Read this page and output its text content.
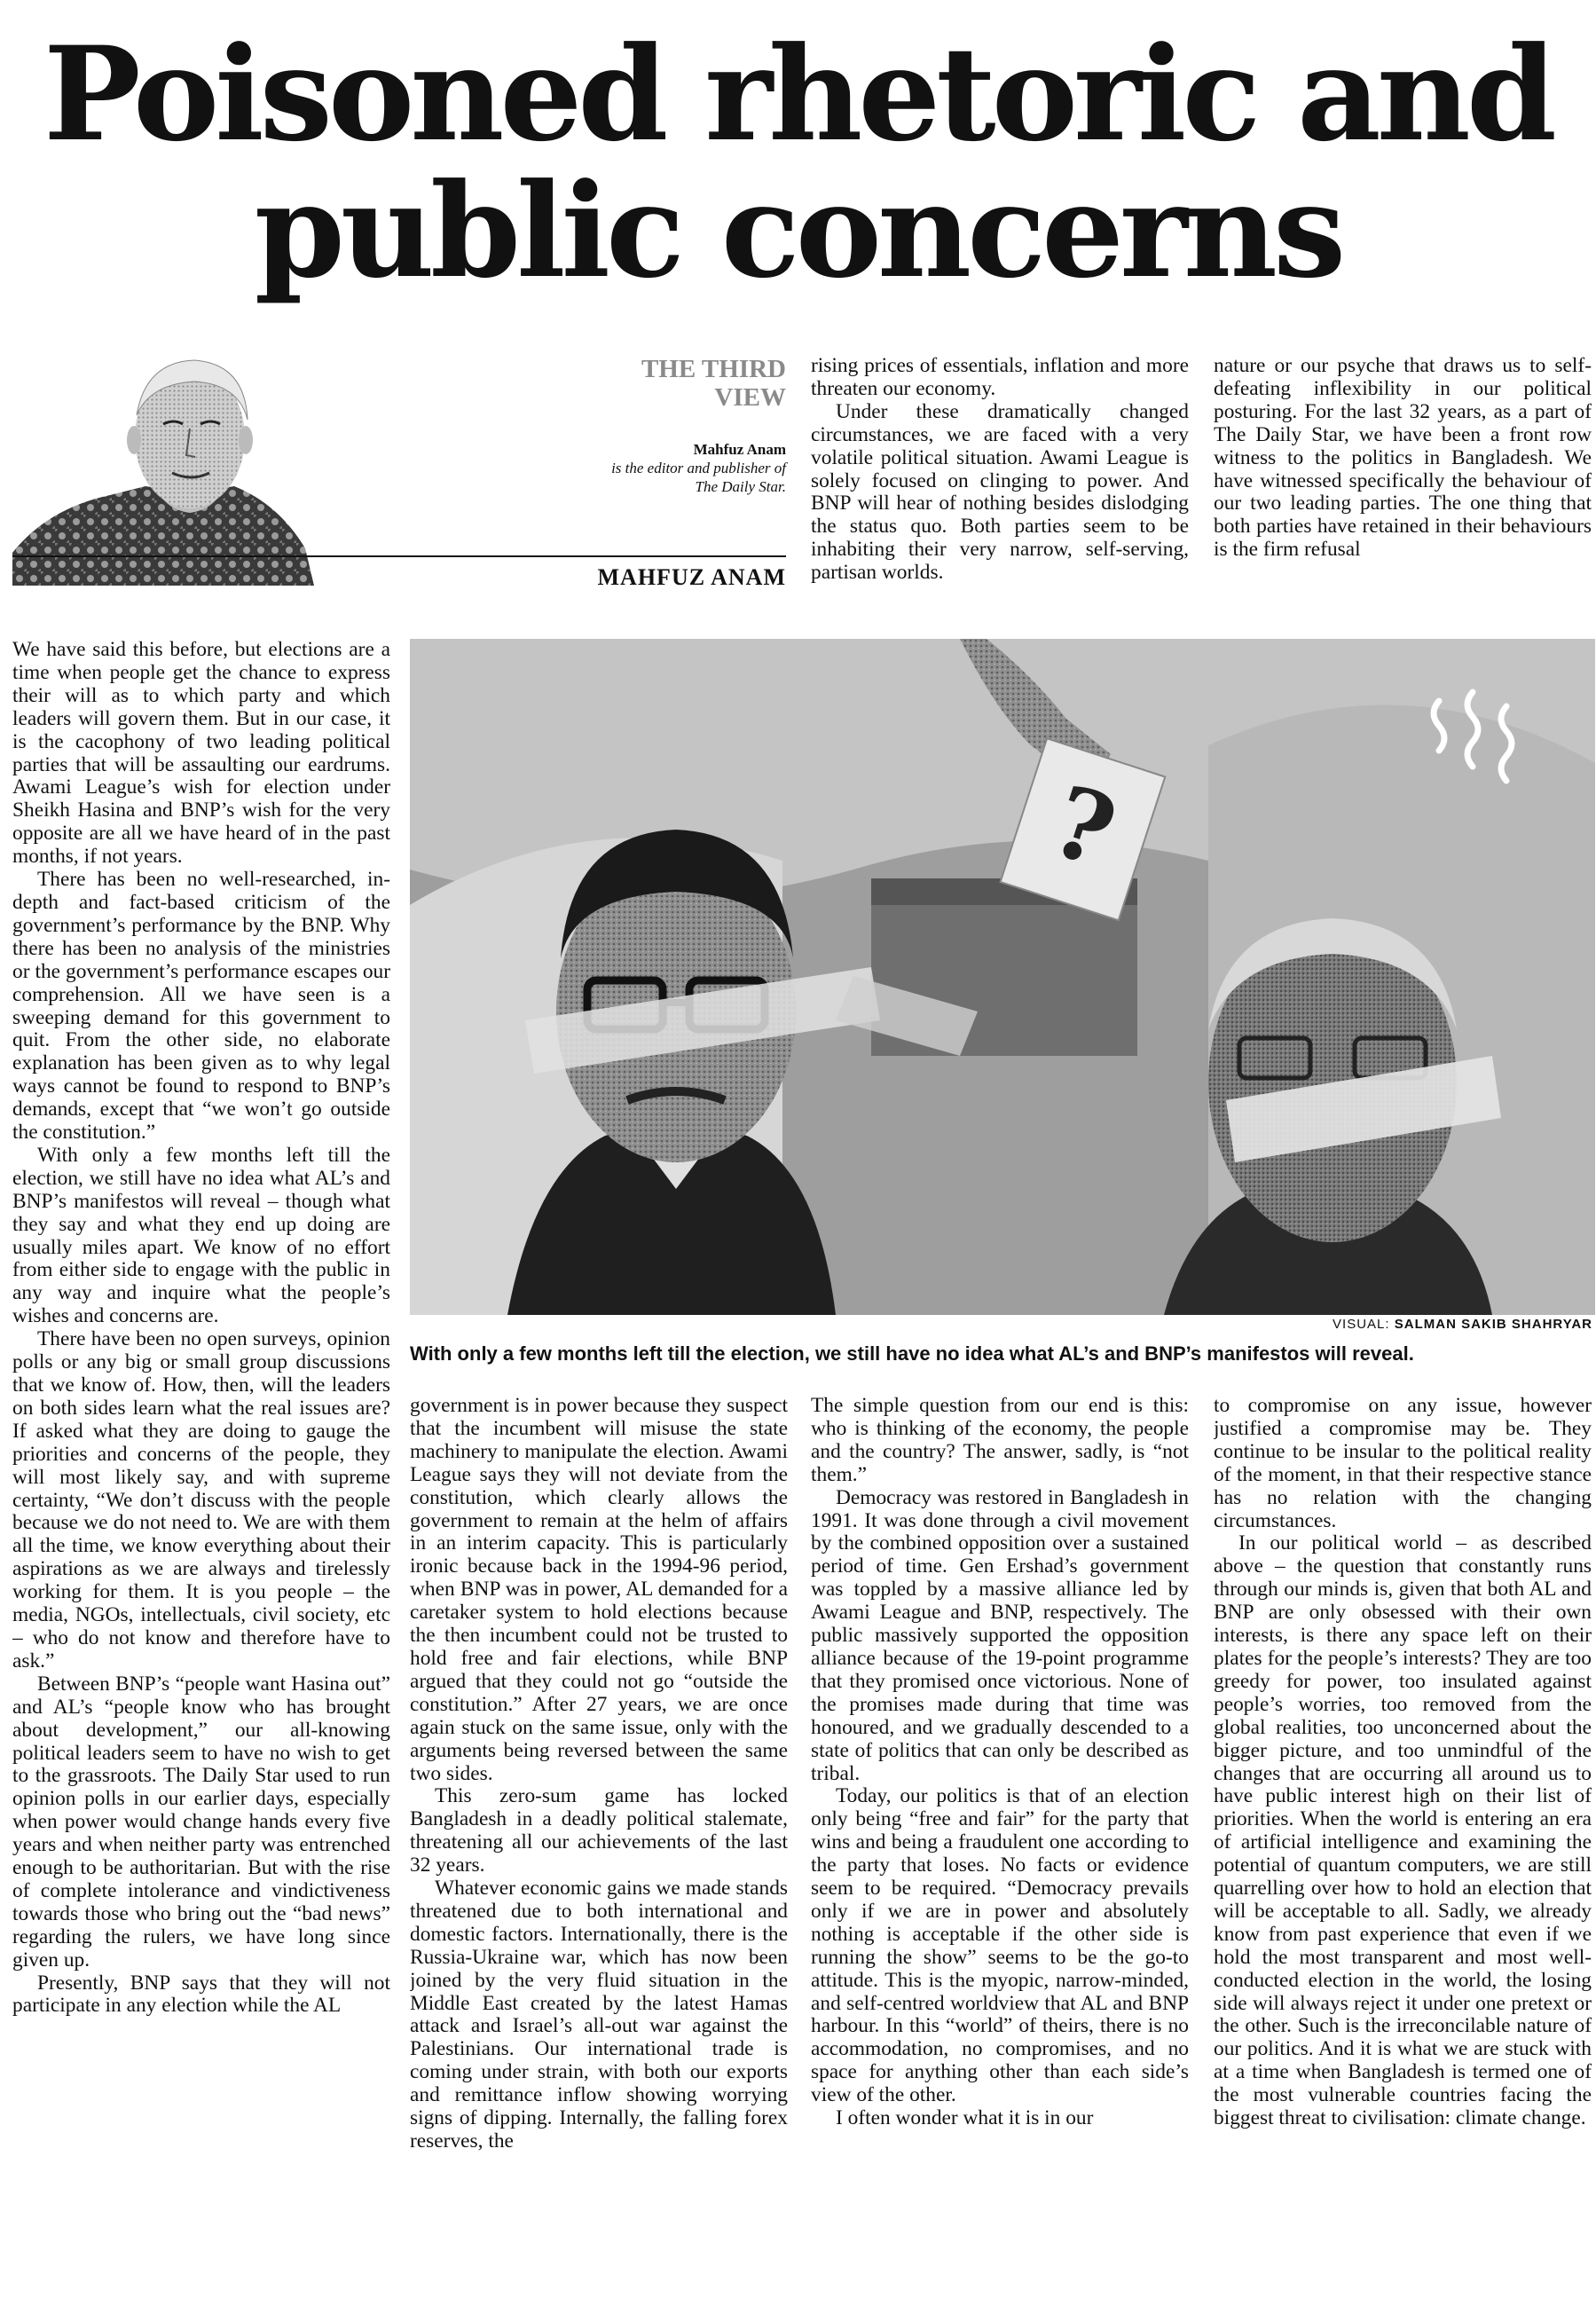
Poisoned rhetoric and
public concerns
THE THIRD
VIEW
Mahfuz Anam
is the editor and publisher of
The Daily Star.
MAHFUZ ANAM

rising prices of essentials, inflation and more threaten our economy.

Under these dramatically changed circumstances, we are faced with a very volatile political situation. Awami League is solely focused on clinging to power. And BNP will hear of nothing besides dislodging the status quo. Both parties seem to be inhabiting their very narrow, self-serving, partisan worlds.

nature or our psyche that draws us to self-defeating inflexibility in our political posturing. For the last 32 years, as a part of The Daily Star, we have been a front row witness to the politics in Bangladesh. We have witnessed specifically the behaviour of our two leading parties. The one thing that both parties have retained in their behaviours is the firm refusal

?
VISUAL: SALMAN SAKIB SHAHRYAR
With only a few months left till the election, we still have no idea what AL’s and BNP’s manifestos will reveal.

We have said this before, but elections are a time when people get the chance to express their will as to which party and which leaders will govern them. But in our case, it is the cacophony of two leading political parties that will be assaulting our eardrums. Awami League’s wish for election under Sheikh Hasina and BNP’s wish for the very opposite are all we have heard of in the past months, if not years.

There has been no well-researched, in-depth and fact-based criticism of the government’s performance by the BNP. Why there has been no analysis of the ministries or the government’s performance escapes our comprehension. All we have seen is a sweeping demand for this government to quit. From the other side, no elaborate explanation has been given as to why legal ways cannot be found to respond to BNP’s demands, except that “we won’t go outside the constitution.”

With only a few months left till the election, we still have no idea what AL’s and BNP’s manifestos will reveal – though what they say and what they end up doing are usually miles apart. We know of no effort from either side to engage with the public in any way and inquire what the people’s wishes and concerns are.

There have been no open surveys, opinion polls or any big or small group discussions that we know of. How, then, will the leaders on both sides learn what the real issues are? If asked what they are doing to gauge the priorities and concerns of the people, they will most likely say, and with supreme certainty, “We don’t discuss with the people because we do not need to. We are with them all the time, we know everything about their aspirations as we are always and tirelessly working for them. It is you people – the media, NGOs, intellectuals, civil society, etc – who do not know and therefore have to ask.”

Between BNP’s “people want Hasina out” and AL’s “people know who has brought about development,” our all-knowing political leaders seem to have no wish to get to the grassroots. The Daily Star used to run opinion polls in our earlier days, especially when power would change hands every five years and when neither party was entrenched enough to be authoritarian. But with the rise of complete intolerance and vindictiveness towards those who bring out the “bad news” regarding the rulers, we have long since given up.

Presently, BNP says that they will not participate in any election while the AL

government is in power because they suspect that the incumbent will misuse the state machinery to manipulate the election. Awami League says they will not deviate from the constitution, which clearly allows the government to remain at the helm of affairs in an interim capacity. This is particularly ironic because back in the 1994-96 period, when BNP was in power, AL demanded for a caretaker system to hold elections because the then incumbent could not be trusted to hold free and fair elections, while BNP argued that they could not go “outside the constitution.” After 27 years, we are once again stuck on the same issue, only with the arguments being reversed between the same two sides.

This zero-sum game has locked Bangladesh in a deadly political stalemate, threatening all our achievements of the last 32 years.

Whatever economic gains we made stands threatened due to both international and domestic factors. Internationally, there is the Russia-Ukraine war, which has now been joined by the very fluid situation in the Middle East created by the latest Hamas attack and Israel’s all-out war against the Palestinians. Our international trade is coming under strain, with both our exports and remittance inflow showing worrying signs of dipping. Internally, the falling forex reserves, the

The simple question from our end is this: who is thinking of the economy, the people and the country? The answer, sadly, is “not them.”

Democracy was restored in Bangladesh in 1991. It was done through a civil movement by the combined opposition over a sustained period of time. Gen Ershad’s government was toppled by a massive alliance led by Awami League and BNP, respectively. The public massively supported the opposition alliance because of the 19-point programme that they promised once victorious. None of the promises made during that time was honoured, and we gradually descended to a state of politics that can only be described as tribal.

Today, our politics is that of an election only being “free and fair” for the party that wins and being a fraudulent one according to the party that loses. No facts or evidence seem to be required. “Democracy prevails only if we are in power and absolutely nothing is acceptable if the other side is running the show” seems to be the go-to attitude. This is the myopic, narrow-minded, and self-centred worldview that AL and BNP harbour. In this “world” of theirs, there is no accommodation, no compromises, and no space for anything other than each side’s view of the other.

I often wonder what it is in our

to compromise on any issue, however justified a compromise may be. They continue to be insular to the political reality of the moment, in that their respective stance has no relation with the changing circumstances.

In our political world – as described above – the question that constantly runs through our minds is, given that both AL and BNP are only obsessed with their own interests, is there any space left on their plates for the people’s interests? They are too greedy for power, too insulated against people’s worries, too removed from the global realities, too unconcerned about the bigger picture, and too unmindful of the changes that are occurring all around us to have public interest high on their list of priorities. When the world is entering an era of artificial intelligence and examining the potential of quantum computers, we are still quarrelling over how to hold an election that will be acceptable to all. Sadly, we already know from past experience that even if we hold the most transparent and most well-conducted election in the world, the losing side will always reject it under one pretext or the other. Such is the irreconcilable nature of our politics. And it is what we are stuck with at a time when Bangladesh is termed one of the most vulnerable countries facing the biggest threat to civilisation: climate change.
